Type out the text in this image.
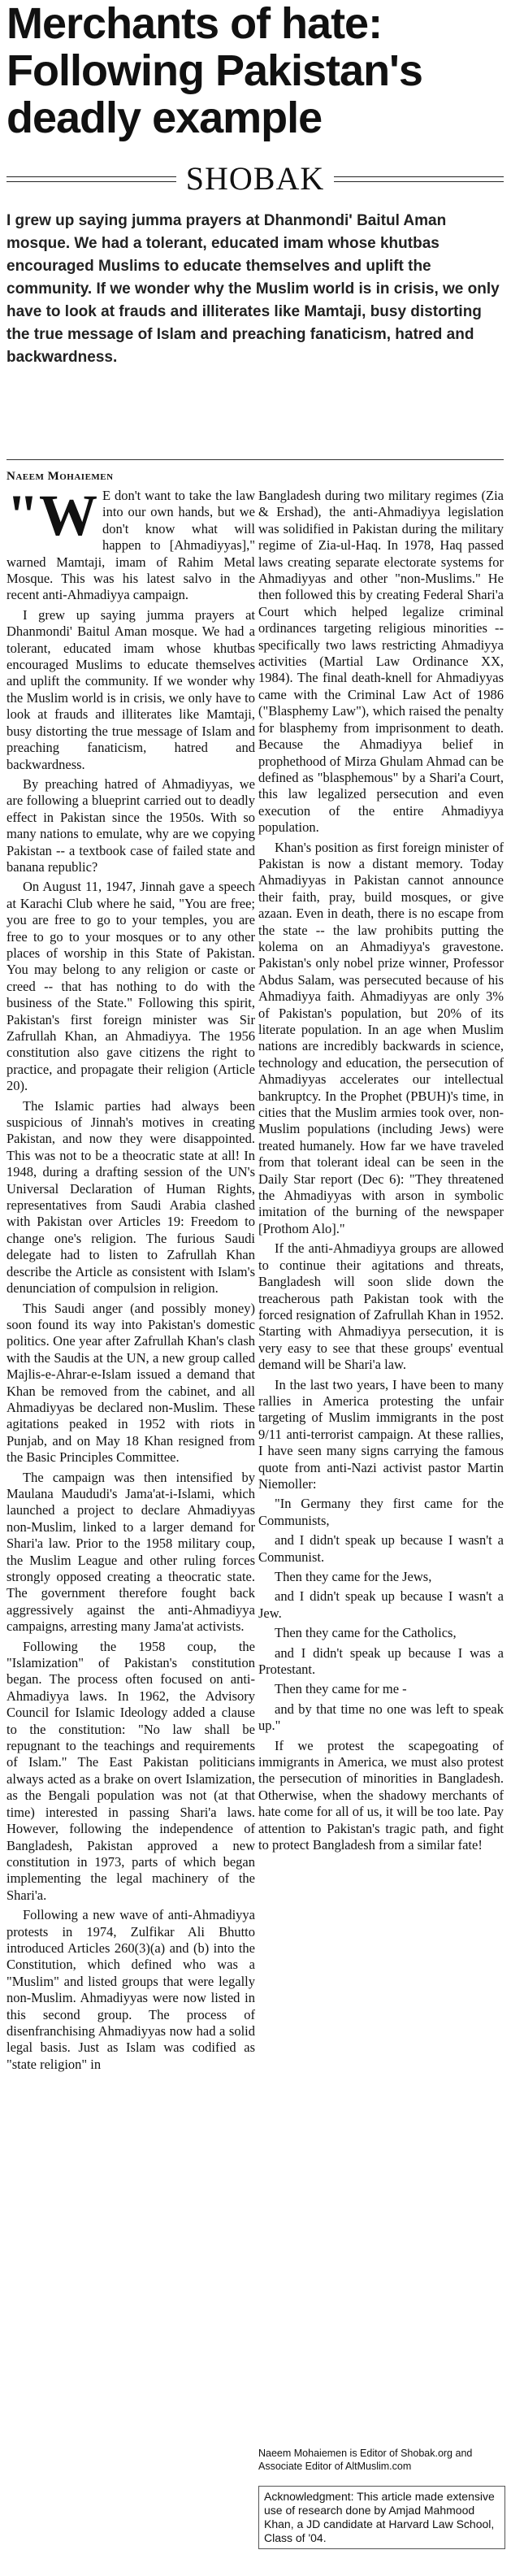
Merchants of hate:
Following Pakistan's
deadly example
SHOBAK

I grew up saying jumma prayers at Dhanmondi' Baitul Aman mosque. We had a tolerant, educated imam whose khutbas encouraged Muslims to educate themselves and uplift the community. If we wonder why the Muslim world is in crisis, we only have to look at frauds and illiterates like Mamtaji, busy distorting the true message of Islam and preaching fanaticism, hatred and backwardness.

Naeem Mohaiemen

"W E don't want to take the law into our own hands, but we don't know what will happen to [Ahmadiyyas]," warned Mamtaji, imam of Rahim Metal Mosque. This was his latest salvo in the recent anti-Ahmadiyya campaign.

I grew up saying jumma prayers at Dhanmondi' Baitul Aman mosque. We had a tolerant, educated imam whose khutbas encouraged Muslims to educate themselves and uplift the community. If we wonder why the Muslim world is in crisis, we only have to look at frauds and illiterates like Mamtaji, busy distorting the true message of Islam and preaching fanaticism, hatred and backwardness.

By preaching hatred of Ahmadiyyas, we are following a blueprint carried out to deadly effect in Pakistan since the 1950s. With so many nations to emulate, why are we copying Pakistan -- a textbook case of failed state and banana republic?

On August 11, 1947, Jinnah gave a speech at Karachi Club where he said, "You are free; you are free to go to your temples, you are free to go to your mosques or to any other places of worship in this State of Pakistan. You may belong to any religion or caste or creed -- that has nothing to do with the business of the State." Following this spirit, Pakistan's first foreign minister was Sir Zafrullah Khan, an Ahmadiyya. The 1956 constitution also gave citizens the right to practice, and propagate their religion (Article 20).

The Islamic parties had always been suspicious of Jinnah's motives in creating Pakistan, and now they were disappointed. This was not to be a theocratic state at all! In 1948, during a drafting session of the UN's Universal Declaration of Human Rights, representatives from Saudi Arabia clashed with Pakistan over Articles 19: Freedom to change one's religion. The furious Saudi delegate had to listen to Zafrullah Khan describe the Article as consistent with Islam's denunciation of compulsion in religion.

This Saudi anger (and possibly money) soon found its way into Pakistan's domestic politics. One year after Zafrullah Khan's clash with the Saudis at the UN, a new group called Majlis-e-Ahrar-e-Islam issued a demand that Khan be removed from the cabinet, and all Ahmadiyyas be declared non-Muslim. These agitations peaked in 1952 with riots in Punjab, and on May 18 Khan resigned from the Basic Principles Committee.

The campaign was then intensified by Maulana Maududi's Jama'at-i-Islami, which launched a project to declare Ahmadiyyas non-Muslim, linked to a larger demand for Shari'a law. Prior to the 1958 military coup, the Muslim League and other ruling forces strongly opposed creating a theocratic state. The government therefore fought back aggressively against the anti-Ahmadiyya campaigns, arresting many Jama'at activists.

Following the 1958 coup, the "Islamization" of Pakistan's constitution began. The process often focused on anti-Ahmadiyya laws. In 1962, the Advisory Council for Islamic Ideology added a clause to the constitution: "No law shall be repugnant to the teachings and requirements of Islam." The East Pakistan politicians always acted as a brake on overt Islamization, as the Bengali population was not (at that time) interested in passing Shari'a laws. However, following the independence of Bangladesh, Pakistan approved a new constitution in 1973, parts of which began implementing the legal machinery of the Shari'a.

Following a new wave of anti-Ahmadiyya protests in 1974, Zulfikar Ali Bhutto introduced Articles 260(3)(a) and (b) into the Constitution, which defined who was a "Muslim" and listed groups that were legally non-Muslim. Ahmadiyyas were now listed in this second group. The process of disenfranchising Ahmadiyyas now had a solid legal basis. Just as Islam was codified as "state religion" in

Bangladesh during two military regimes (Zia & Ershad), the anti-Ahmadiyya legislation was solidified in Pakistan during the military regime of Zia-ul-Haq. In 1978, Haq passed laws creating separate electorate systems for Ahmadiyyas and other "non-Muslims." He then followed this by creating Federal Shari'a Court which helped legalize criminal ordinances targeting religious minorities -- specifically two laws restricting Ahmadiyya activities (Martial Law Ordinance XX, 1984). The final death-knell for Ahmadiyyas came with the Criminal Law Act of 1986 ("Blasphemy Law"), which raised the penalty for blasphemy from imprisonment to death. Because the Ahmadiyya belief in prophethood of Mirza Ghulam Ahmad can be defined as "blasphemous" by a Shari'a Court, this law legalized persecution and even execution of the entire Ahmadiyya population.

Khan's position as first foreign minister of Pakistan is now a distant memory. Today Ahmadiyyas in Pakistan cannot announce their faith, pray, build mosques, or give azaan. Even in death, there is no escape from the state -- the law prohibits putting the kolema on an Ahmadiyya's gravestone. Pakistan's only nobel prize winner, Professor Abdus Salam, was persecuted because of his Ahmadiyya faith. Ahmadiyyas are only 3% of Pakistan's population, but 20% of its literate population. In an age when Muslim nations are incredibly backwards in science, technology and education, the persecution of Ahmadiyyas accelerates our intellectual bankruptcy. In the Prophet (PBUH)'s time, in cities that the Muslim armies took over, non-Muslim populations (including Jews) were treated humanely. How far we have traveled from that tolerant ideal can be seen in the Daily Star report (Dec 6): "They threatened the Ahmadiyyas with arson in symbolic imitation of the burning of the newspaper [Prothom Alo]."

If the anti-Ahmadiyya groups are allowed to continue their agitations and threats, Bangladesh will soon slide down the treacherous path Pakistan took with the forced resignation of Zafrullah Khan in 1952. Starting with Ahmadiyya persecution, it is very easy to see that these groups' eventual demand will be Shari'a law.

In the last two years, I have been to many rallies in America protesting the unfair targeting of Muslim immigrants in the post 9/11 anti-terrorist campaign. At these rallies, I have seen many signs carrying the famous quote from anti-Nazi activist pastor Martin Niemoller:

"In Germany they first came for the Communists,

and I didn't speak up because I wasn't a Communist.

Then they came for the Jews,

and I didn't speak up because I wasn't a Jew.

Then they came for the Catholics,

and I didn't speak up because I was a Protestant.

Then they came for me -

and by that time no one was left to speak up."

If we protest the scapegoating of immigrants in America, we must also protest the persecution of minorities in Bangladesh. Otherwise, when the shadowy merchants of hate come for all of us, it will be too late. Pay attention to Pakistan's tragic path, and fight to protect Bangladesh from a similar fate!

Naeem Mohaiemen is Editor of Shobak.org and Associate Editor of AltMuslim.com
Acknowledgment: This article made extensive use of research done by Amjad Mahmood Khan, a JD candidate at Harvard Law School, Class of '04.
